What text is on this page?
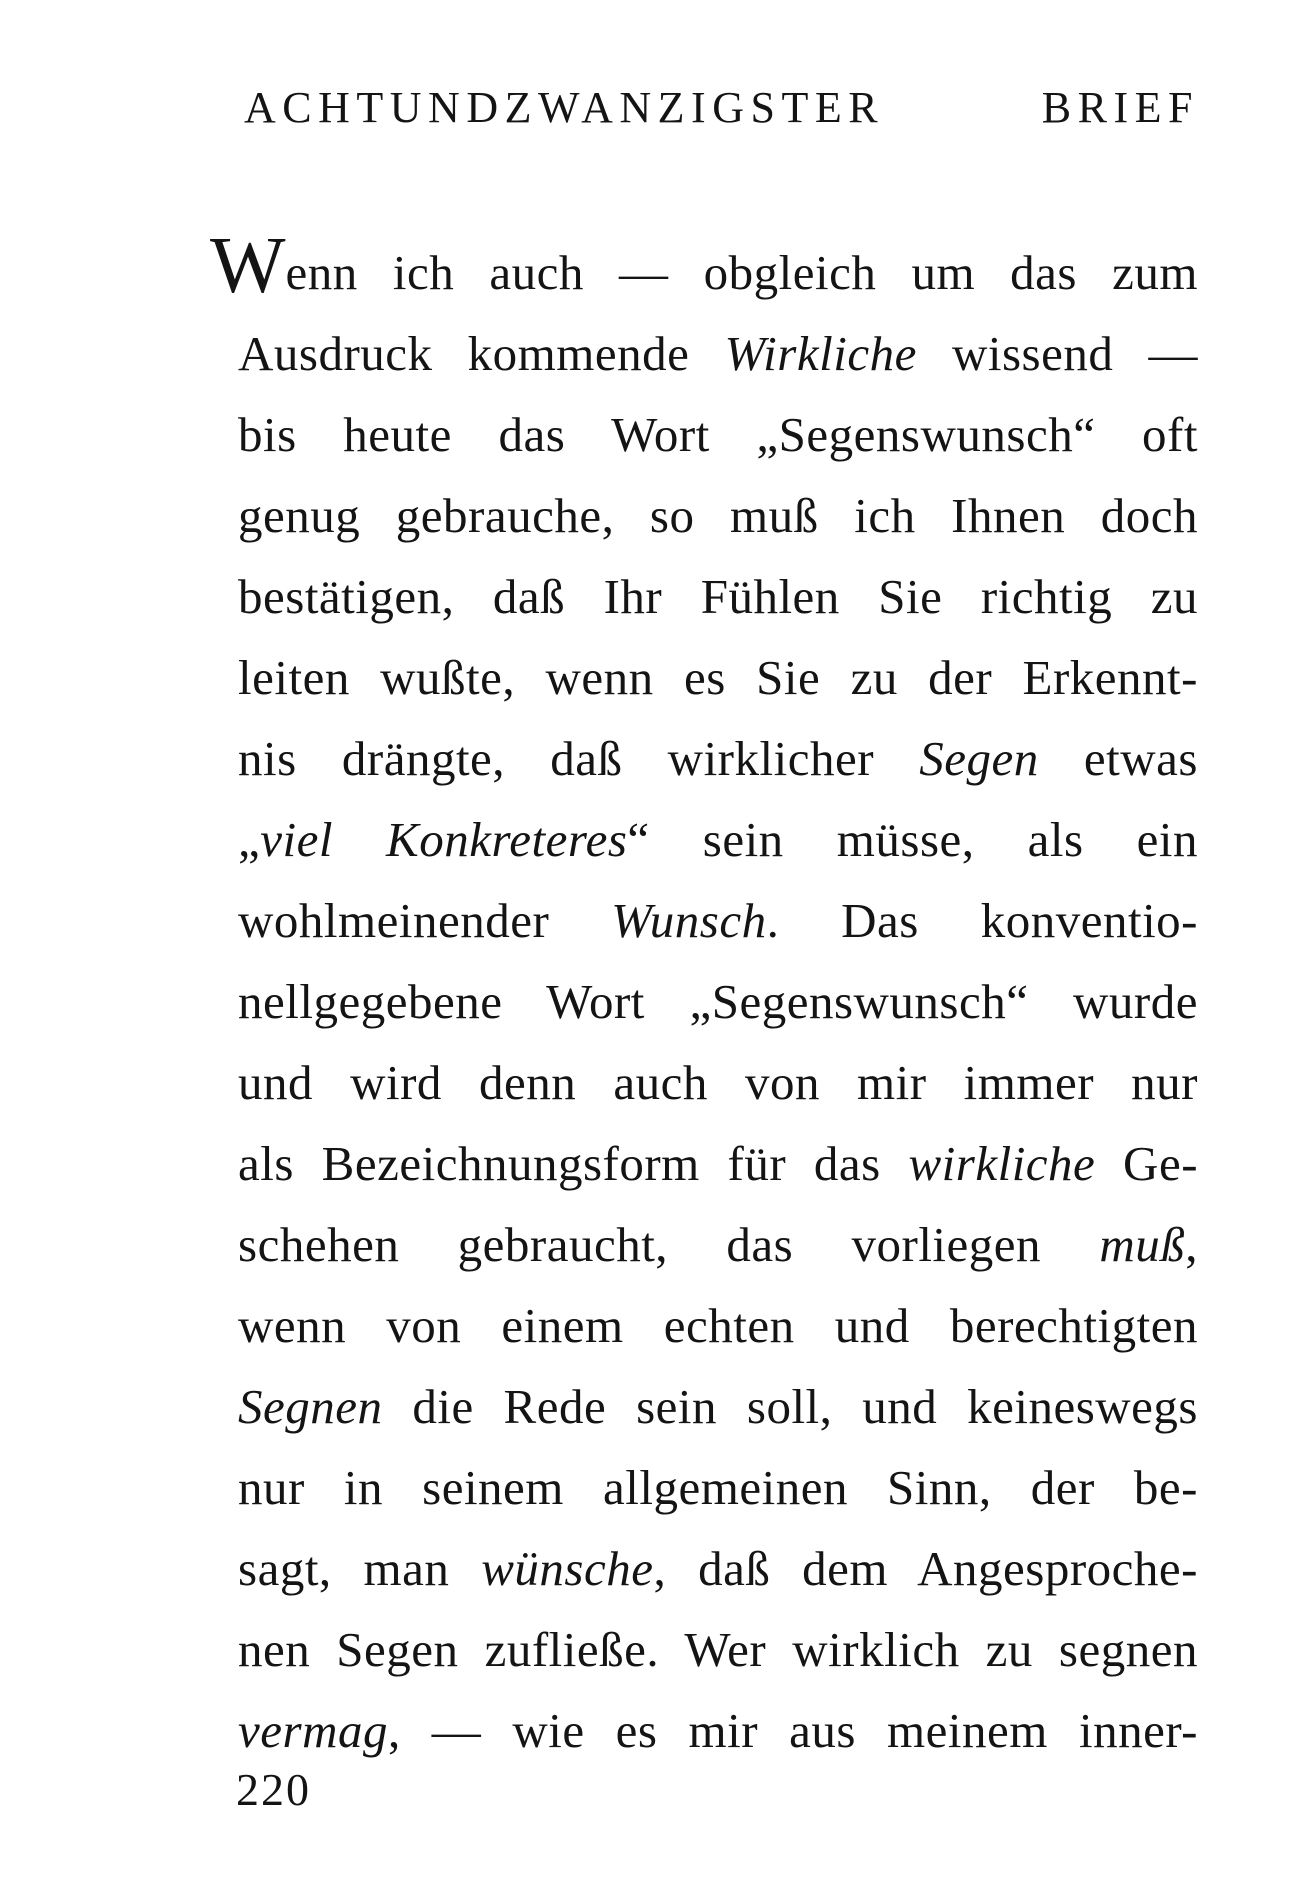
ACHTUNDZWANZIGSTER BRIEF
Wenn ich auch — obgleich um das zum
Ausdruck kommende Wirkliche wissend —
bis heute das Wort „Segenswunsch“ oft
genug gebrauche, so muß ich Ihnen doch
bestätigen, daß Ihr Fühlen Sie richtig zu
leiten wußte, wenn es Sie zu der Erkennt-
nis drängte, daß wirklicher Segen etwas
„viel Konkreteres“ sein müsse, als ein
wohlmeinender Wunsch. Das konventio-
nellgegebene Wort „Segenswunsch“ wurde
und wird denn auch von mir immer nur
als Bezeichnungsform für das wirkliche Ge-
schehen gebraucht, das vorliegen muß,
wenn von einem echten und berechtigten
Segnen die Rede sein soll, und keineswegs
nur in seinem allgemeinen Sinn, der be-
sagt, man wünsche, daß dem Angesproche-
nen Segen zufließe. Wer wirklich zu segnen
vermag, — wie es mir aus meinem inner-
220
